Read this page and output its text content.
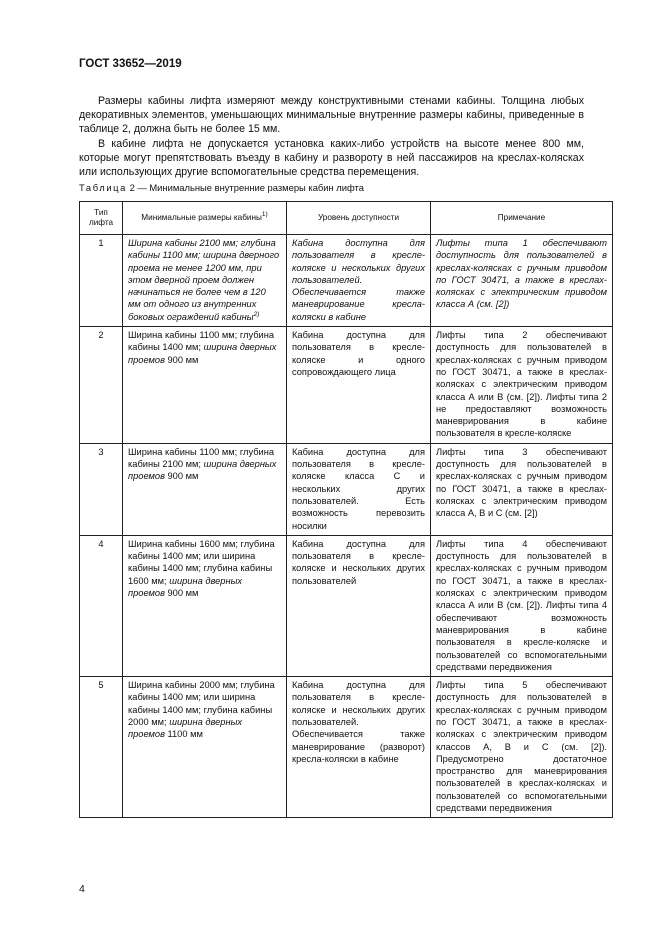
ГОСТ 33652—2019

Размеры кабины лифта измеряют между конструктивными стенами кабины. Толщина любых декоративных элементов, уменьшающих минимальные внутренние размеры кабины, приведенные в таблице 2, должна быть не более 15 мм.

В кабине лифта не допускается установка каких-либо устройств на высоте менее 800 мм, которые могут препятствовать въезду в кабину и развороту в ней пассажиров на креслах-колясках или использующих другие вспомогательные средства перемещения.

Таблица 2 — Минимальные внутренние размеры кабин лифта
Тип лифта	Минимальные размеры кабины$^{1)}$	Уровень доступности	Примечание
1	Ширина кабины 2100 мм; глубина кабины 1100 мм; ширина дверного проема не менее 1200 мм, при этом дверной проем должен начинаться не более чем в 120 мм от одного из внутренних боковых ограждений кабины$^{2)}$	Кабина доступна для пользователя в кресле-коляске и нескольких других пользователей. Обеспечивается также маневрирование кресла-коляски в кабине	Лифты типа 1 обеспечивают доступность для пользователей в креслах-колясках с ручным приводом по ГОСТ 30471, а также в креслах-колясках с электрическим приводом класса А (см. [2])
2	Ширина кабины 1100 мм; глубина кабины 1400 мм; ширина дверных проемов 900 мм	Кабина доступна для пользователя в кресле-коляске и одного сопровождающего лица	Лифты типа 2 обеспечивают доступность для пользователей в креслах-колясках с ручным приводом по ГОСТ 30471, а также в креслах-колясках с электрическим приводом класса А или В (см. [2]). Лифты типа 2 не предоставляют возможность маневрирования в кабине пользователя в кресле-коляске
3	Ширина кабины 1100 мм; глубина кабины 2100 мм; ширина дверных проемов 900 мм	Кабина доступна для пользователя в кресле-коляске класса С и нескольких других пользователей. Есть возможность перевозить носилки	Лифты типа 3 обеспечивают доступность для пользователей в креслах-колясках с ручным приводом по ГОСТ 30471, а также в креслах-колясках с электрическим приводом класса А, В и С (см. [2])
4	Ширина кабины 1600 мм; глубина кабины 1400 мм; или ширина кабины 1400 мм; глубина кабины 1600 мм; ширина дверных проемов 900 мм	Кабина доступна для пользователя в кресле-коляске и нескольких других пользователей	Лифты типа 4 обеспечивают доступность для пользователей в креслах-колясках с ручным приводом по ГОСТ 30471, а также в креслах-колясках с электрическим приводом класса А или В (см. [2]). Лифты типа 4 обеспечивают возможность маневрирования в кабине пользователя в кресле-коляске и пользователей со вспомогательными средствами передвижения
5	Ширина кабины 2000 мм; глубина кабины 1400 мм; или ширина кабины 1400 мм; глубина кабины 2000 мм; ширина дверных проемов 1100 мм	Кабина доступна для пользователя в кресле-коляске и нескольких других пользователей. Обеспечивается также маневрирование (разворот) кресла-коляски в кабине	Лифты типа 5 обеспечивают доступность для пользователей в креслах-колясках с ручным приводом по ГОСТ 30471, а также в креслах-колясках с электрическим приводом классов А, В и С (см. [2]). Предусмотрено достаточное пространство для маневрирования пользователей в креслах-колясках и пользователей со вспомогательными средствами передвижения
4
